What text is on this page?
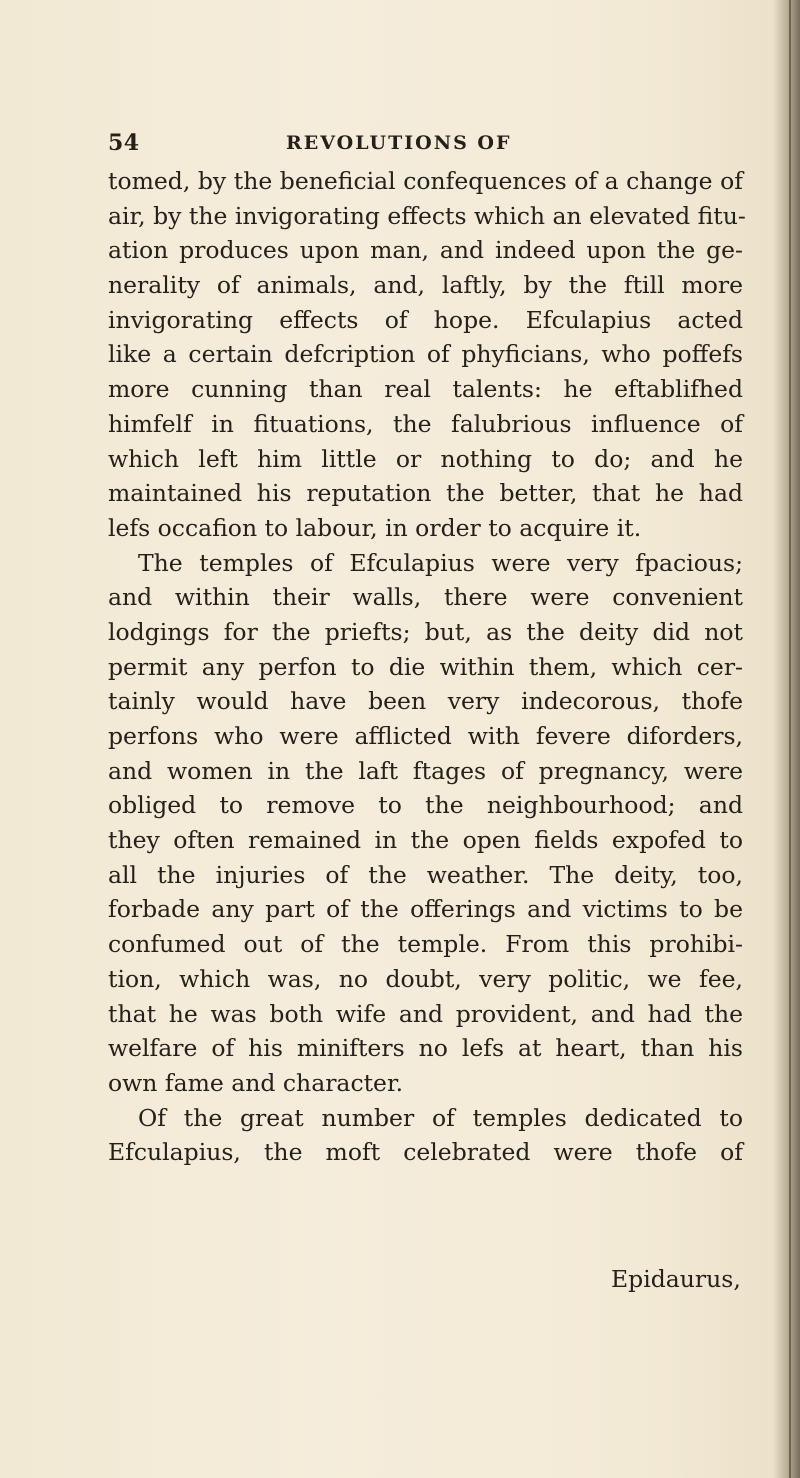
54	REVOLUTIONS OF
tomed, by the beneficial confequences of a change of
air, by the invigorating effects which an elevated fitu-
ation produces upon man, and indeed upon the ge-
nerality of animals, and, laftly, by the ftill more
invigorating effects of hope. Efculapius acted
like a certain defcription of phyficians, who poffefs
more cunning than real talents: he eftablifhed
himfelf in fituations, the falubrious influence of
which left him little or nothing to do; and he
maintained his reputation the better, that he had
lefs occafion to labour, in order to acquire it.
The temples of Efculapius were very fpacious;
and within their walls, there were convenient
lodgings for the priefts; but, as the deity did not
permit any perfon to die within them, which cer-
tainly would have been very indecorous, thofe
perfons who were afflicted with fevere diforders,
and women in the laft ftages of pregnancy, were
obliged to remove to the neighbourhood; and
they often remained in the open fields expofed to
all the injuries of the weather. The deity, too,
forbade any part of the offerings and victims to be
confumed out of the temple. From this prohibi-
tion, which was, no doubt, very politic, we fee,
that he was both wife and provident, and had the
welfare of his minifters no lefs at heart, than his
own fame and character.
Of the great number of temples dedicated to
Efculapius, the moft celebrated were thofe of
Epidaurus,
